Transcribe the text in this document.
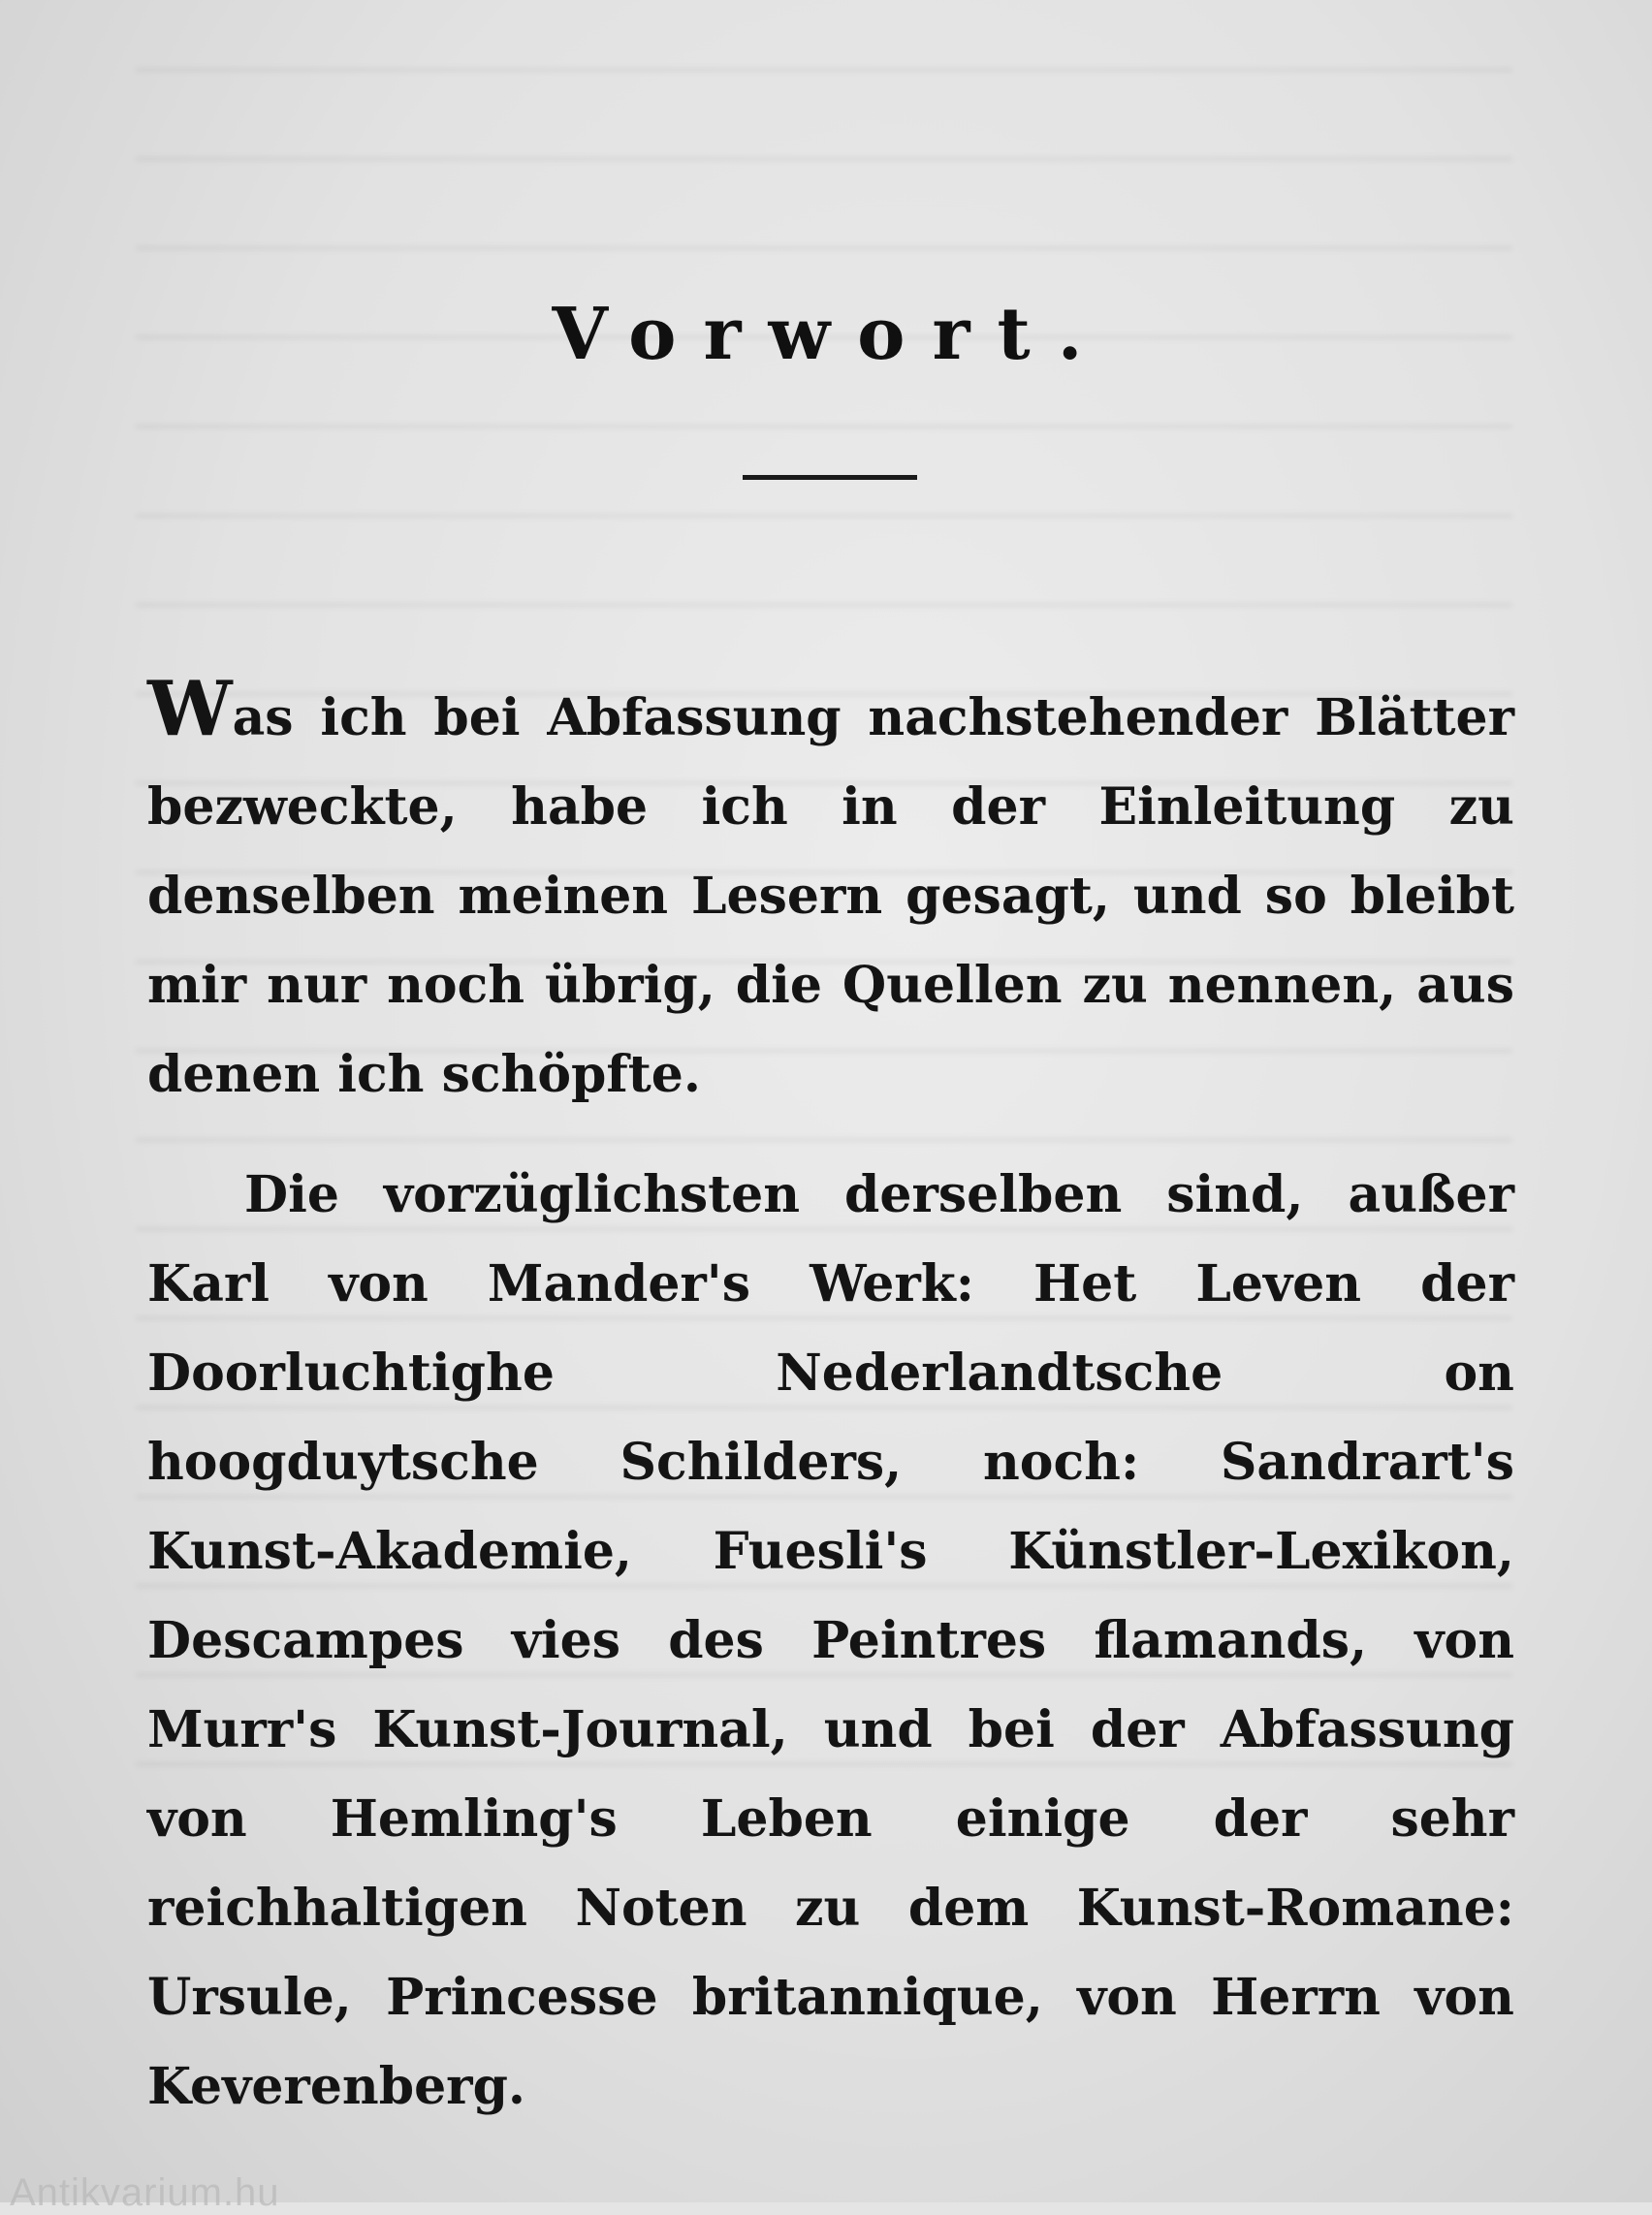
Vorwort.

Was ich bei Abfassung nachstehender Blätter bezweckte, habe ich in der Einleitung zu denselben meinen Lesern gesagt, und so bleibt mir nur noch übrig, die Quellen zu nennen, aus denen ich schöpfte.

Die vorzüglichsten derselben sind, außer Karl von Mander's Werk: Het Leven der Doorluchtighe Nederlandtsche on hoogduytsche Schilders, noch: Sandrart's Kunst-Akademie, Fuesli's Künstler-Lexikon, Descampes vies des Peintres flamands, von Murr's Kunst-Journal, und bei der Abfassung von Hemling's Leben einige der sehr reichhaltigen Noten zu dem Kunst-Romane: Ursule, Princesse britannique, von Herrn von Keverenberg.

Antikvarium.hu
